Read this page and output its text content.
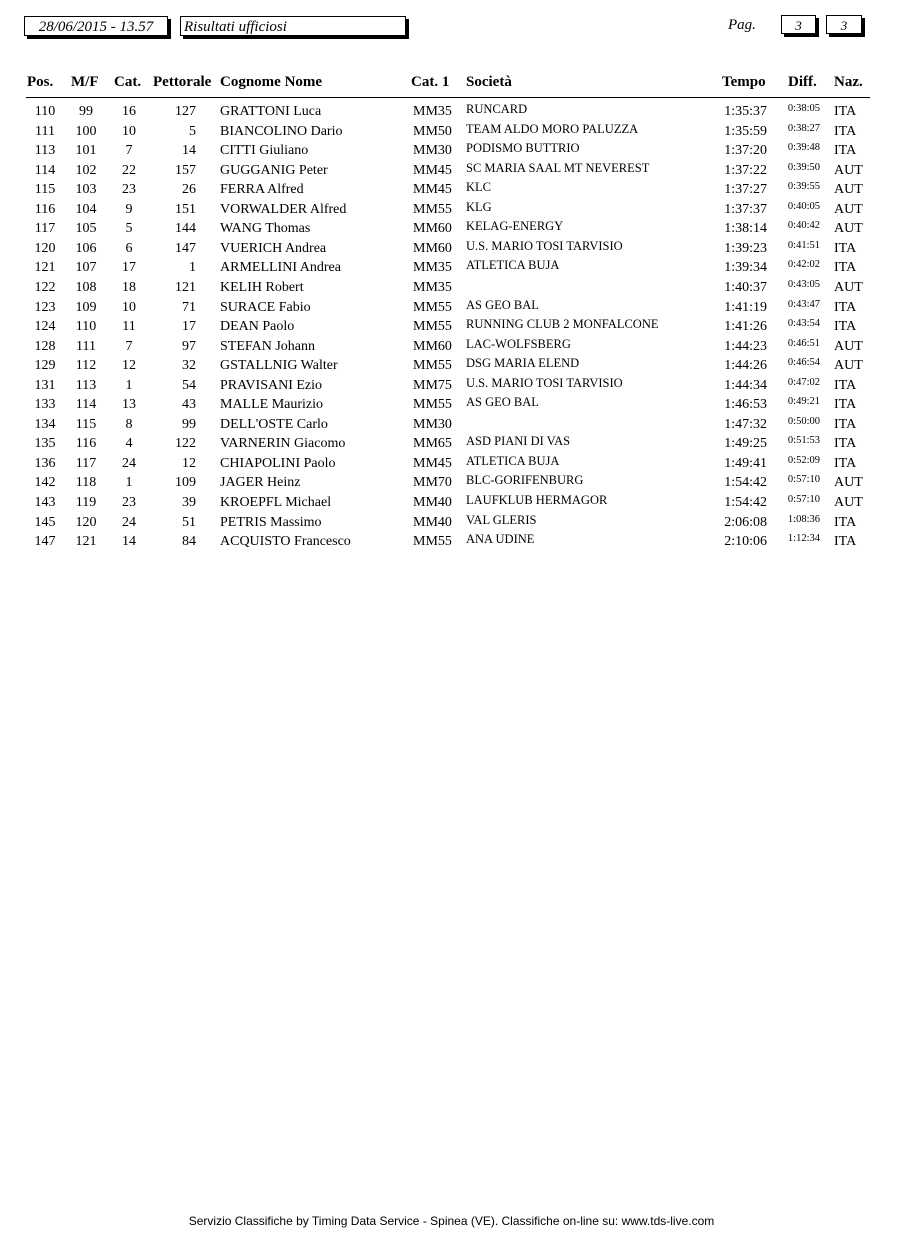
28/06/2015 - 13.57	Risultati ufficiosi	Pag.	3	3
Pos. M/F Cat. Pettorale Cognome Nome	Cat. 1 Società	Tempo Diff. Naz.
110	99	16	127 GRATTONI Luca	MM35 RUNCARD	1:35:37	0:38:05 ITA
111	100	10	5 BIANCOLINO Dario	MM50 TEAM ALDO MORO PALUZZA	1:35:59	0:38:27 ITA
113	101	7	14 CITTI Giuliano	MM30 PODISMO BUTTRIO	1:37:20	0:39:48 ITA
114	102	22	157 GUGGANIG Peter	MM45 SC MARIA SAAL MT NEVEREST	1:37:22	0:39:50 AUT
115	103	23	26 FERRA Alfred	MM45 KLC	1:37:27	0:39:55 AUT
116	104	9	151 VORWALDER Alfred	MM55 KLG	1:37:37	0:40:05 AUT
117	105	5	144 WANG Thomas	MM60 KELAG-ENERGY	1:38:14	0:40:42 AUT
120	106	6	147 VUERICH Andrea	MM60 U.S. MARIO TOSI TARVISIO	1:39:23	0:41:51 ITA
121	107	17	1 ARMELLINI Andrea	MM35 ATLETICA BUJA	1:39:34	0:42:02 ITA
122	108	18	121 KELIH Robert	MM35	1:40:37	0:43:05 AUT
123	109	10	71 SURACE Fabio	MM55 AS GEO BAL	1:41:19	0:43:47 ITA
124	110	11	17 DEAN Paolo	MM55 RUNNING CLUB 2 MONFALCONE	1:41:26	0:43:54 ITA
128	111	7	97 STEFAN Johann	MM60 LAC-WOLFSBERG	1:44:23	0:46:51 AUT
129	112	12	32 GSTALLNIG Walter	MM55 DSG MARIA ELEND	1:44:26	0:46:54 AUT
131	113	1	54 PRAVISANI Ezio	MM75 U.S. MARIO TOSI TARVISIO	1:44:34	0:47:02 ITA
133	114	13	43 MALLE Maurizio	MM55 AS GEO BAL	1:46:53	0:49:21 ITA
134	115	8	99 DELL'OSTE Carlo	MM30	1:47:32	0:50:00 ITA
135	116	4	122 VARNERIN Giacomo	MM65 ASD PIANI DI VAS	1:49:25	0:51:53 ITA
136	117	24	12 CHIAPOLINI Paolo	MM45 ATLETICA BUJA	1:49:41	0:52:09 ITA
142	118	1	109 JAGER Heinz	MM70 BLC-GORIFENBURG	1:54:42	0:57:10 AUT
143	119	23	39 KROEPFL Michael	MM40 LAUFKLUB HERMAGOR	1:54:42	0:57:10 AUT
145	120	24	51 PETRIS Massimo	MM40 VAL GLERIS	2:06:08	1:08:36 ITA
147	121	14	84 ACQUISTO Francesco	MM55 ANA UDINE	2:10:06	1:12:34 ITA
Servizio Classifiche by Timing Data Service - Spinea (VE). Classifiche on-line su: www.tds-live.com
